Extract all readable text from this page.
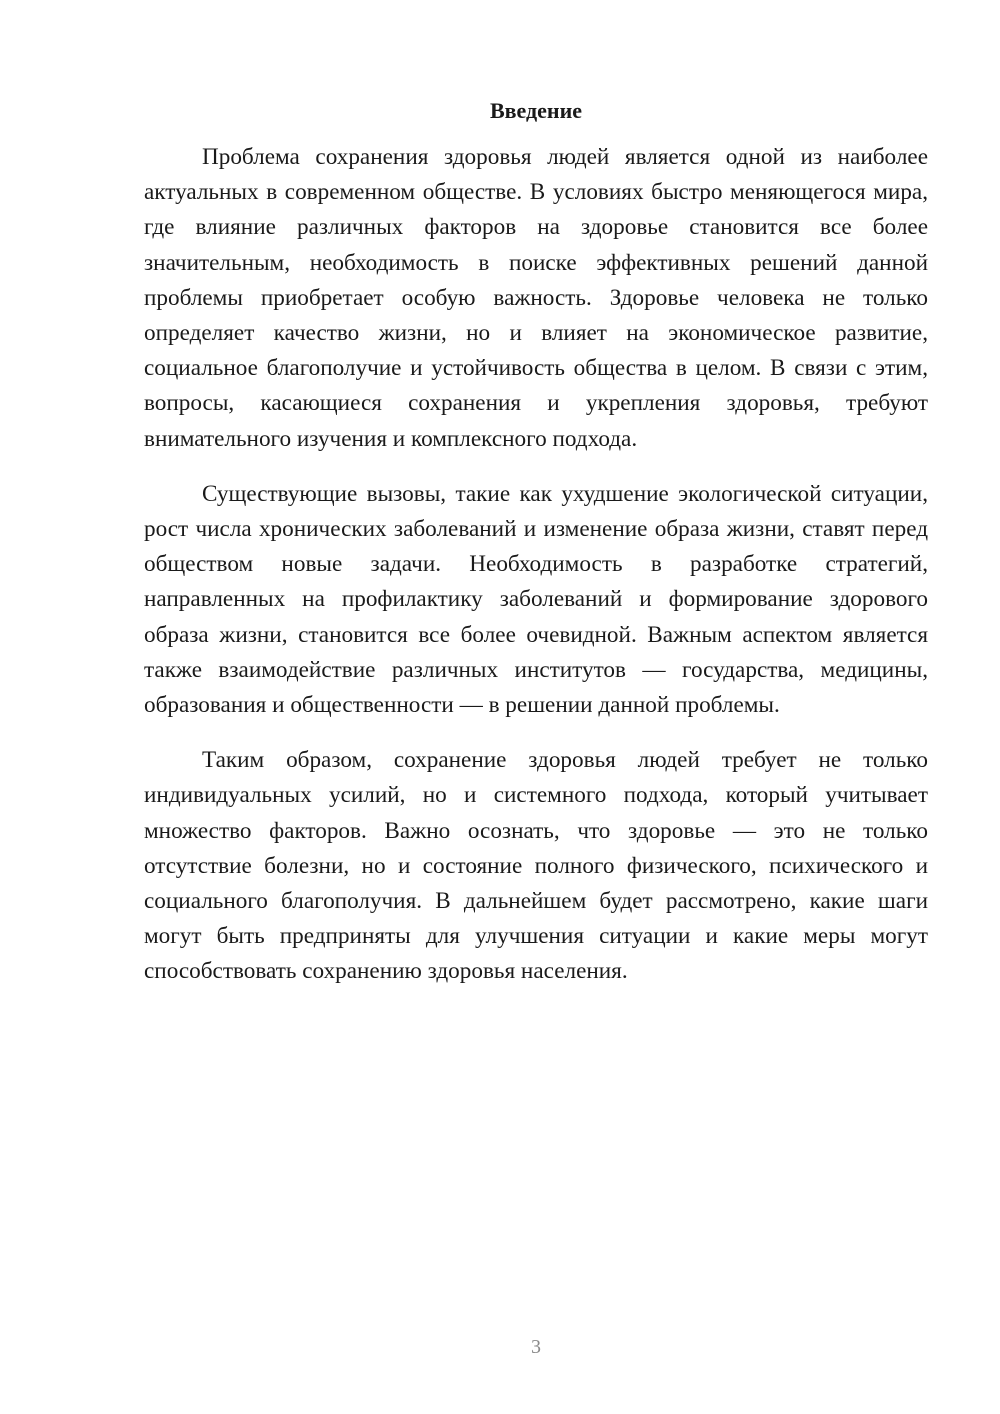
Введение

Проблема сохранения здоровья людей является одной из наиболее актуальных в современном обществе. В условиях быстро меняющегося мира, где влияние различных факторов на здоровье становится все более значительным, необходимость в поиске эффективных решений данной проблемы приобретает особую важность. Здоровье человека не только определяет качество жизни, но и влияет на экономическое развитие, социальное благополучие и устойчивость общества в целом. В связи с этим, вопросы, касающиеся сохранения и укрепления здоровья, требуют внимательного изучения и комплексного подхода.

Существующие вызовы, такие как ухудшение экологической ситуации, рост числа хронических заболеваний и изменение образа жизни, ставят перед обществом новые задачи. Необходимость в разработке стратегий, направленных на профилактику заболеваний и формирование здорового образа жизни, становится все более очевидной. Важным аспектом является также взаимодействие различных институтов — государства, медицины, образования и общественности — в решении данной проблемы.

Таким образом, сохранение здоровья людей требует не только индивидуальных усилий, но и системного подхода, который учитывает множество факторов. Важно осознать, что здоровье — это не только отсутствие болезни, но и состояние полного физического, психического и социального благополучия. В дальнейшем будет рассмотрено, какие шаги могут быть предприняты для улучшения ситуации и какие меры могут способствовать сохранению здоровья населения.

3
